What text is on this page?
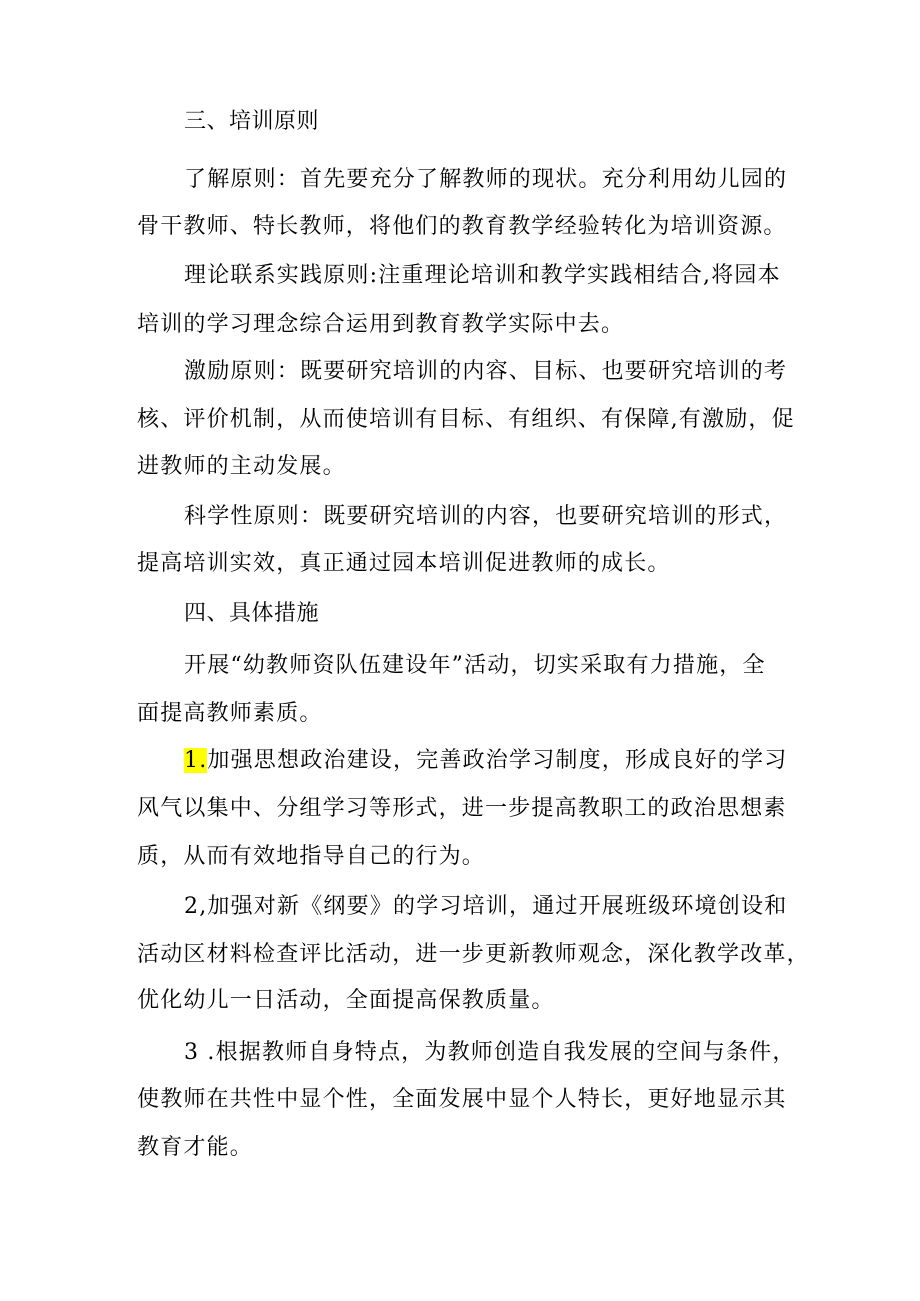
三、培训原则
了解原则：首先要充分了解教师的现状。充分利用幼儿园的
骨干教师、特长教师，将他们的教育教学经验转化为培训资源。
理论联系实践原则:注重理论培训和教学实践相结合,将园本
培训的学习理念综合运用到教育教学实际中去。
激励原则：既要研究培训的内容、目标、也要研究培训的考
核、评价机制，从而使培训有目标、有组织、有保障,有激励，促
进教师的主动发展。
科学性原则：既要研究培训的内容，也要研究培训的形式，
提高培训实效，真正通过园本培训促进教师的成长。
四、具体措施
开展“幼教师资队伍建设年”活动，切实采取有力措施，全
面提高教师素质。
1.加强思想政治建设，完善政治学习制度，形成良好的学习
风气以集中、分组学习等形式，进一步提高教职工的政治思想素
质，从而有效地指导自己的行为。
2,加强对新《纲要》的学习培训，通过开展班级环境创设和
活动区材料检查评比活动，进一步更新教师观念，深化教学改革，
优化幼儿一日活动，全面提高保教质量。
3 .根据教师自身特点，为教师创造自我发展的空间与条件，
使教师在共性中显个性，全面发展中显个人特长，更好地显示其
教育才能。
